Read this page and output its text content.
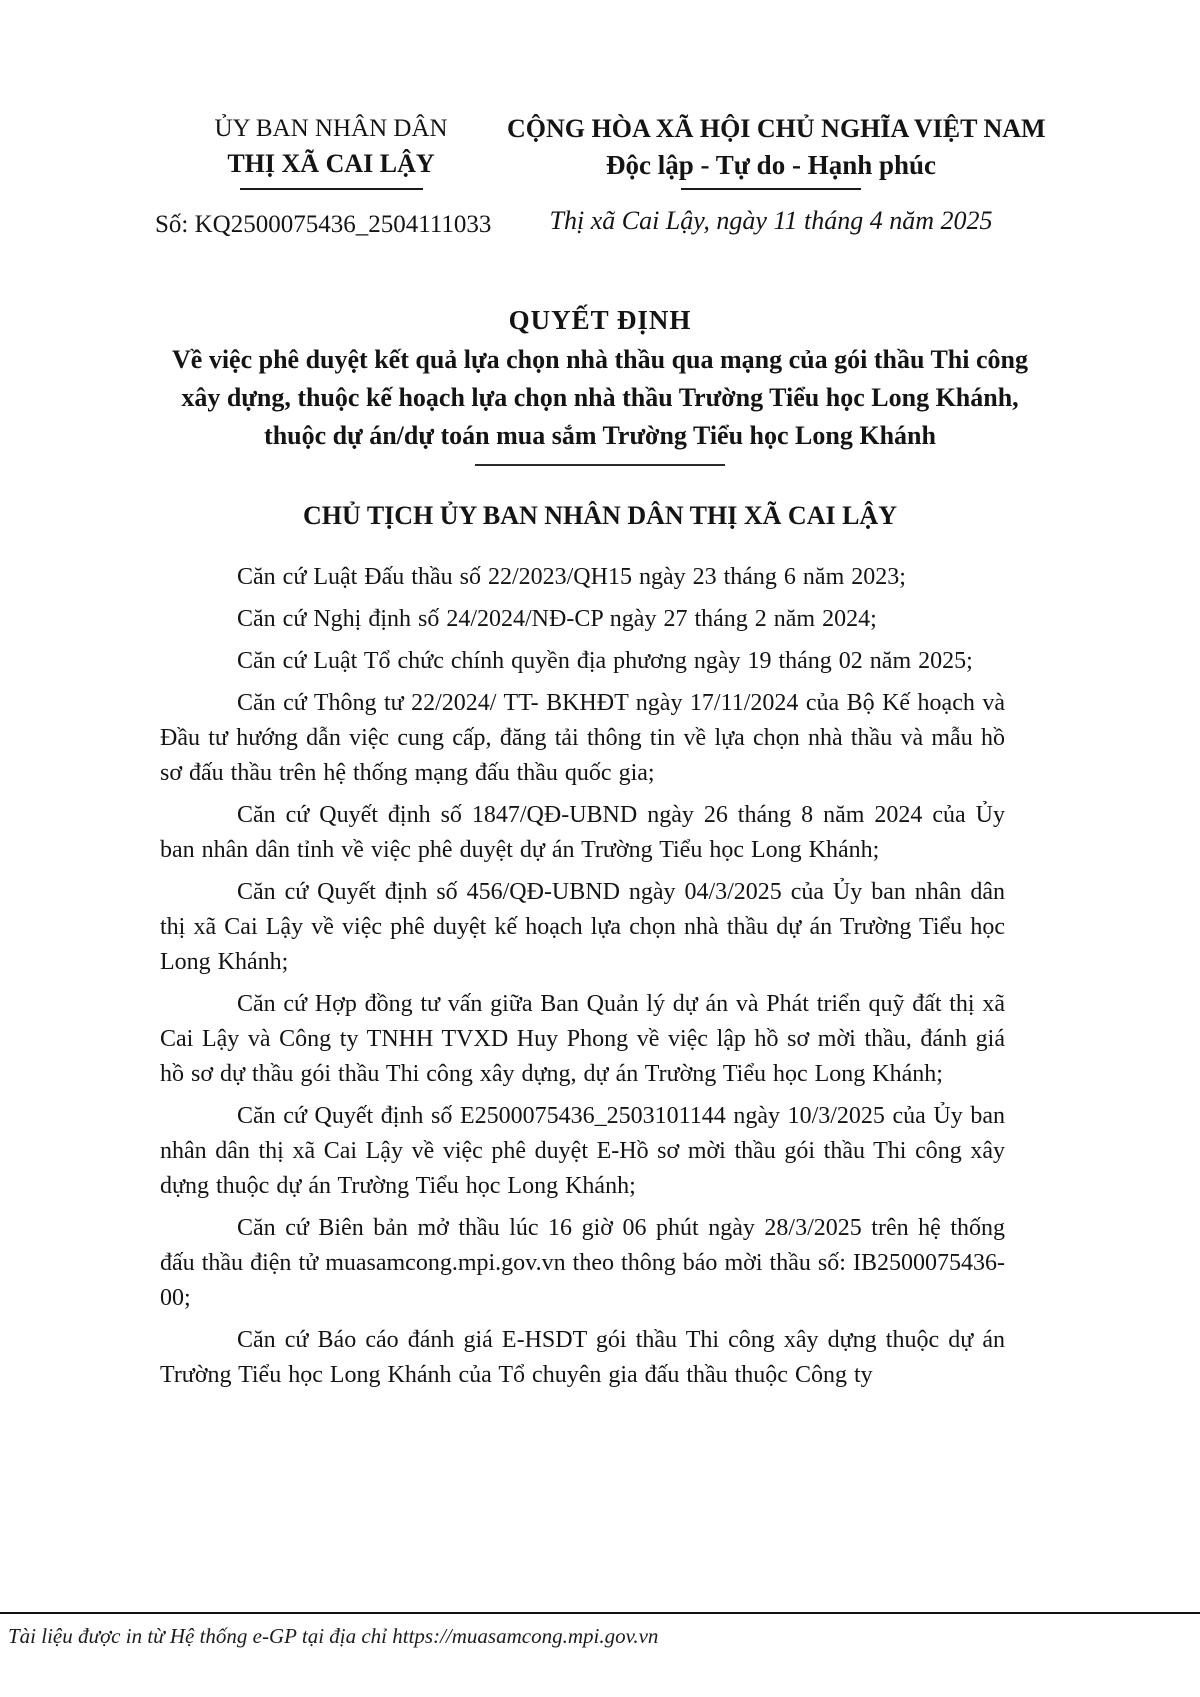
ỦY BAN NHÂN DÂN
THỊ XÃ CAI LẬY
Số: KQ2500075436_2504111033
CỘNG HÒA XÃ HỘI CHỦ NGHĨA VIỆT NAM
Độc lập - Tự do - Hạnh phúc
Thị xã Cai Lậy, ngày 11 tháng 4 năm 2025
QUYẾT ĐỊNH
Về việc phê duyệt kết quả lựa chọn nhà thầu qua mạng của gói thầu Thi công xây dựng, thuộc kế hoạch lựa chọn nhà thầu Trường Tiểu học Long Khánh, thuộc dự án/dự toán mua sắm Trường Tiểu học Long Khánh
CHỦ TỊCH ỦY BAN NHÂN DÂN THỊ XÃ CAI LẬY

Căn cứ Luật Đấu thầu số 22/2023/QH15 ngày 23 tháng 6 năm 2023;

Căn cứ Nghị định số 24/2024/NĐ-CP ngày 27 tháng 2 năm 2024;

Căn cứ Luật Tổ chức chính quyền địa phương ngày 19 tháng 02 năm 2025;

Căn cứ Thông tư 22/2024/ TT- BKHĐT ngày 17/11/2024 của Bộ Kế hoạch và Đầu tư hướng dẫn việc cung cấp, đăng tải thông tin về lựa chọn nhà thầu và mẫu hồ sơ đấu thầu trên hệ thống mạng đấu thầu quốc gia;

Căn cứ Quyết định số 1847/QĐ-UBND ngày 26 tháng 8 năm 2024 của Ủy ban nhân dân tỉnh về việc phê duyệt dự án Trường Tiểu học Long Khánh;

Căn cứ Quyết định số 456/QĐ-UBND ngày 04/3/2025 của Ủy ban nhân dân thị xã Cai Lậy về việc phê duyệt kế hoạch lựa chọn nhà thầu dự án Trường Tiểu học Long Khánh;

Căn cứ Hợp đồng tư vấn giữa Ban Quản lý dự án và Phát triển quỹ đất thị xã Cai Lậy và Công ty TNHH TVXD Huy Phong về việc lập hồ sơ mời thầu, đánh giá hồ sơ dự thầu gói thầu Thi công xây dựng, dự án Trường Tiểu học Long Khánh;

Căn cứ Quyết định số E2500075436_2503101144 ngày 10/3/2025 của Ủy ban nhân dân thị xã Cai Lậy về việc phê duyệt E-Hồ sơ mời thầu gói thầu Thi công xây dựng thuộc dự án Trường Tiểu học Long Khánh;

Căn cứ Biên bản mở thầu lúc 16 giờ 06 phút ngày 28/3/2025 trên hệ thống đấu thầu điện tử muasamcong.mpi.gov.vn theo thông báo mời thầu số: IB2500075436-00;

Căn cứ Báo cáo đánh giá E-HSDT gói thầu Thi công xây dựng thuộc dự án Trường Tiểu học Long Khánh của Tổ chuyên gia đấu thầu thuộc Công ty

Tài liệu được in từ Hệ thống e-GP tại địa chỉ https://muasamcong.mpi.gov.vn
